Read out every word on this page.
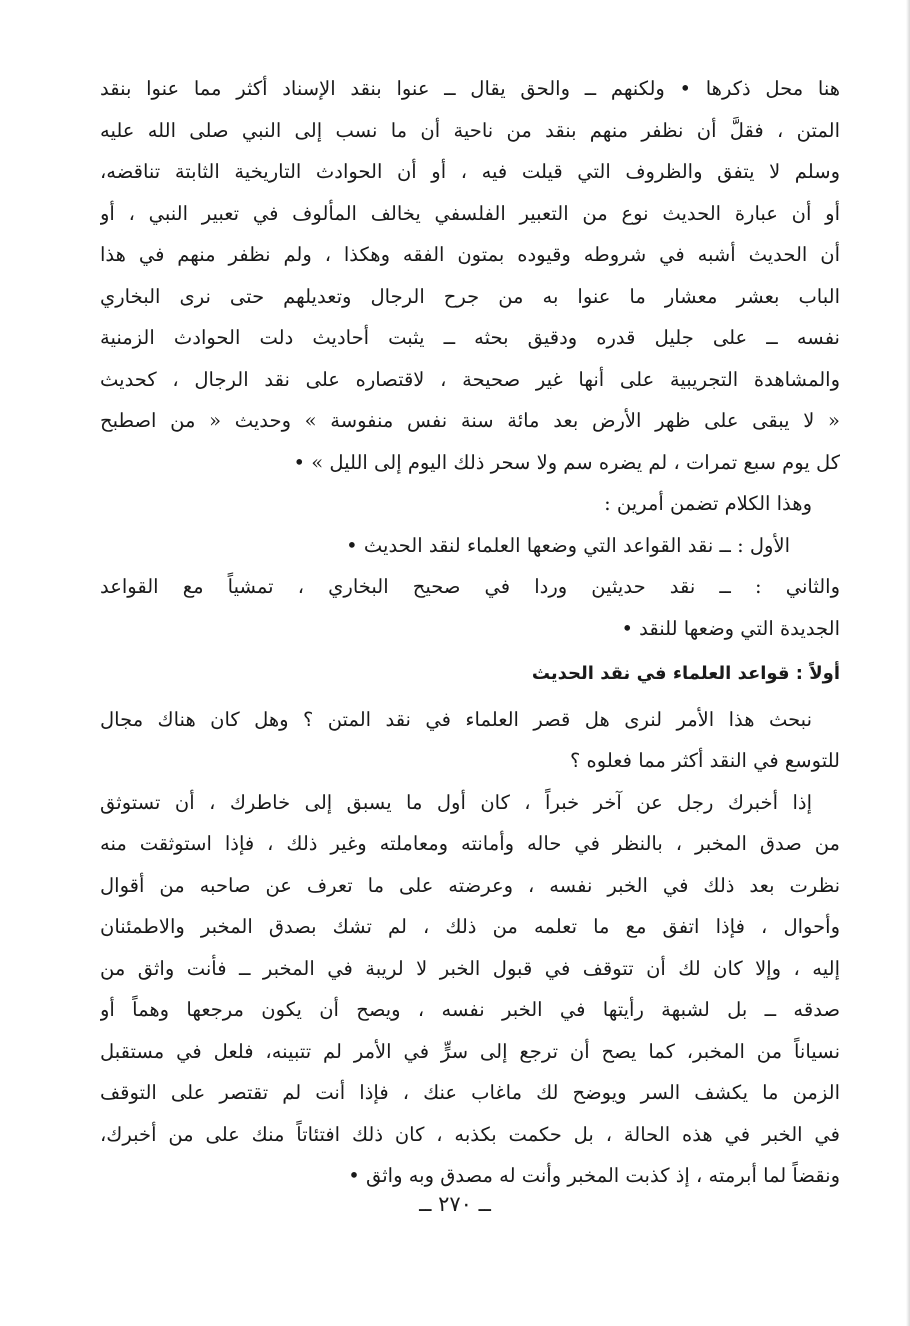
هنا محل ذكرها • ولكنهم ــ والحق يقال ــ عنوا بنقد الإسناد أكثر مما عنوا بنقد
المتن ، فقلَّ أن نظفر منهم بنقد من ناحية أن ما نسب إلى النبي صلى الله عليه
وسلم لا يتفق والظروف التي قيلت فيه ، أو أن الحوادث التاريخية الثابتة تناقضه،
أو أن عبارة الحديث نوع من التعبير الفلسفي يخالف المألوف في تعبير النبي ، أو
أن الحديث أشبه في شروطه وقيوده بمتون الفقه وهكذا ، ولم نظفر منهم في هذا
الباب بعشر معشار ما عنوا به من جرح الرجال وتعديلهم حتى نرى البخاري
نفسه ــ على جليل قدره ودقيق بحثه ــ يثبت أحاديث دلت الحوادث الزمنية
والمشاهدة التجريبية على أنها غير صحيحة ، لاقتصاره على نقد الرجال ، كحديث
« لا يبقى على ظهر الأرض بعد مائة سنة نفس منفوسة » وحديث « من اصطبح
كل يوم سبع تمرات ، لم يضره سم ولا سحر ذلك اليوم إلى الليل » •
وهذا الكلام تضمن أمرين :
الأول : ــ نقد القواعد التي وضعها العلماء لنقد الحديث •
والثاني : ــ نقد حديثين وردا في صحيح البخاري ، تمشياً مع القواعد
الجديدة التي وضعها للنقد •
أولاً : قواعد العلماء في نقد الحديث
نبحث هذا الأمر لنرى هل قصر العلماء في نقد المتن ؟ وهل كان هناك مجال
للتوسع في النقد أكثر مما فعلوه ؟
إذا أخبرك رجل عن آخر خبراً ، كان أول ما يسبق إلى خاطرك ، أن تستوثق
من صدق المخبر ، بالنظر في حاله وأمانته ومعاملته وغير ذلك ، فإذا استوثقت منه
نظرت بعد ذلك في الخبر نفسه ، وعرضته على ما تعرف عن صاحبه من أقوال
وأحوال ، فإذا اتفق مع ما تعلمه من ذلك ، لم تشك بصدق المخبر والاطمئنان
إليه ، وإلا كان لك أن تتوقف في قبول الخبر لا لريبة في المخبر ــ فأنت واثق من
صدقه ــ بل لشبهة رأيتها في الخبر نفسه ، ويصح أن يكون مرجعها وهماً أو
نسياناً من المخبر، كما يصح أن ترجع إلى سرٍّ في الأمر لم تتبينه، فلعل في مستقبل
الزمن ما يكشف السر ويوضح لك ماغاب عنك ، فإذا أنت لم تقتصر على التوقف
في الخبر في هذه الحالة ، بل حكمت بكذبه ، كان ذلك افتئاتاً منك على من أخبرك،
ونقضاً لما أبرمته ، إذ كذبت المخبر وأنت له مصدق وبه واثق •
ــ ٢٧٠ ــ
